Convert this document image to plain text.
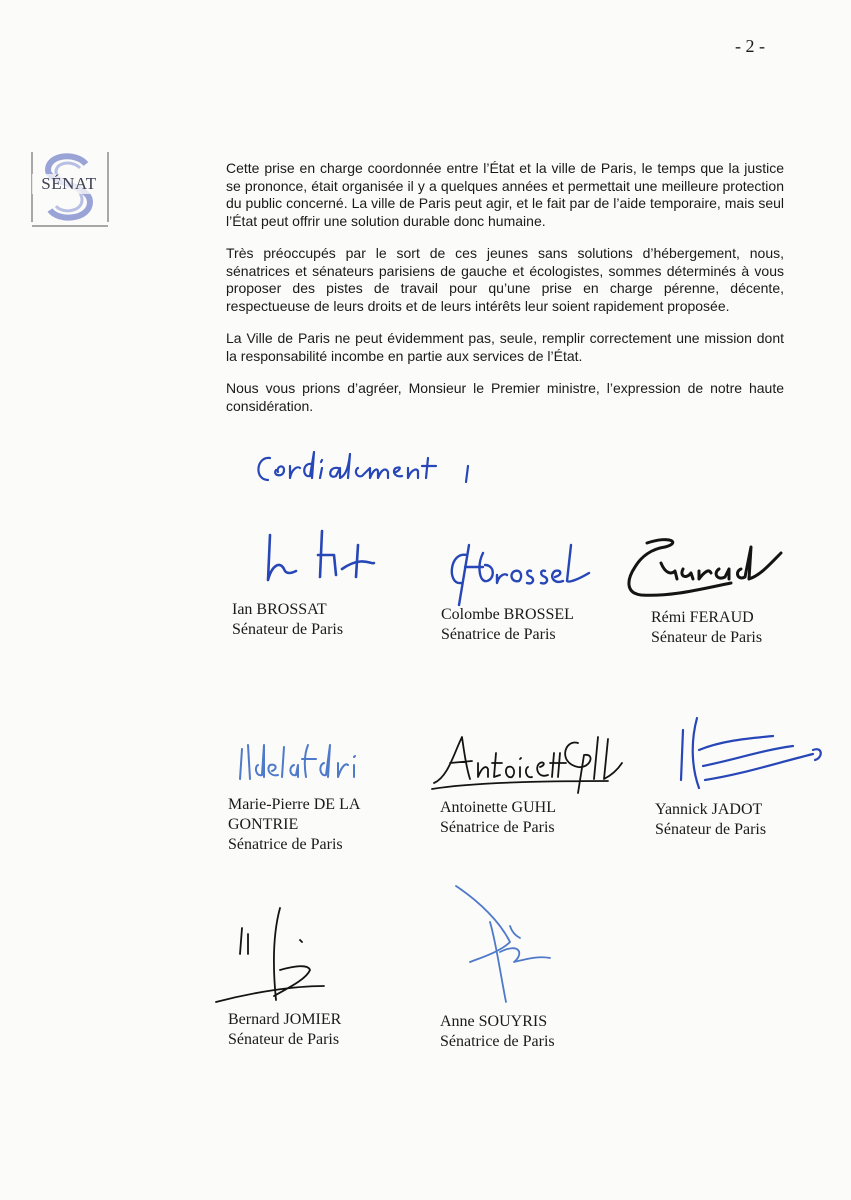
- 2 -
SÉNAT

Cette prise en charge coordonnée entre l’État et la ville de Paris, le temps que la justice se prononce, était organisée il y a quelques années et permettait une meilleure protection du public concerné. La ville de Paris peut agir, et le fait par de l’aide temporaire, mais seul l’État peut offrir une solution durable donc humaine.

Très préoccupés par le sort de ces jeunes sans solutions d’hébergement, nous, sénatrices et sénateurs parisiens de gauche et écologistes, sommes déterminés à vous proposer des pistes de travail pour qu’une prise en charge pérenne, décente, respectueuse de leurs droits et de leurs intérêts leur soient rapidement proposée.

La Ville de Paris ne peut évidemment pas, seule, remplir correctement une mission dont la responsabilité incombe en partie aux services de l’État.

Nous vous prions d’agréer, Monsieur le Premier ministre, l’expression de notre haute considération.

Ian BROSSAT
Sénateur de Paris
Colombe BROSSEL
Sénatrice de Paris
Rémi FERAUD
Sénateur de Paris
Marie-Pierre DE LA
GONTRIE
Sénatrice de Paris
Antoinette GUHL
Sénatrice de Paris
Yannick JADOT
Sénateur de Paris
Bernard JOMIER
Sénateur de Paris
Anne SOUYRIS
Sénatrice de Paris
